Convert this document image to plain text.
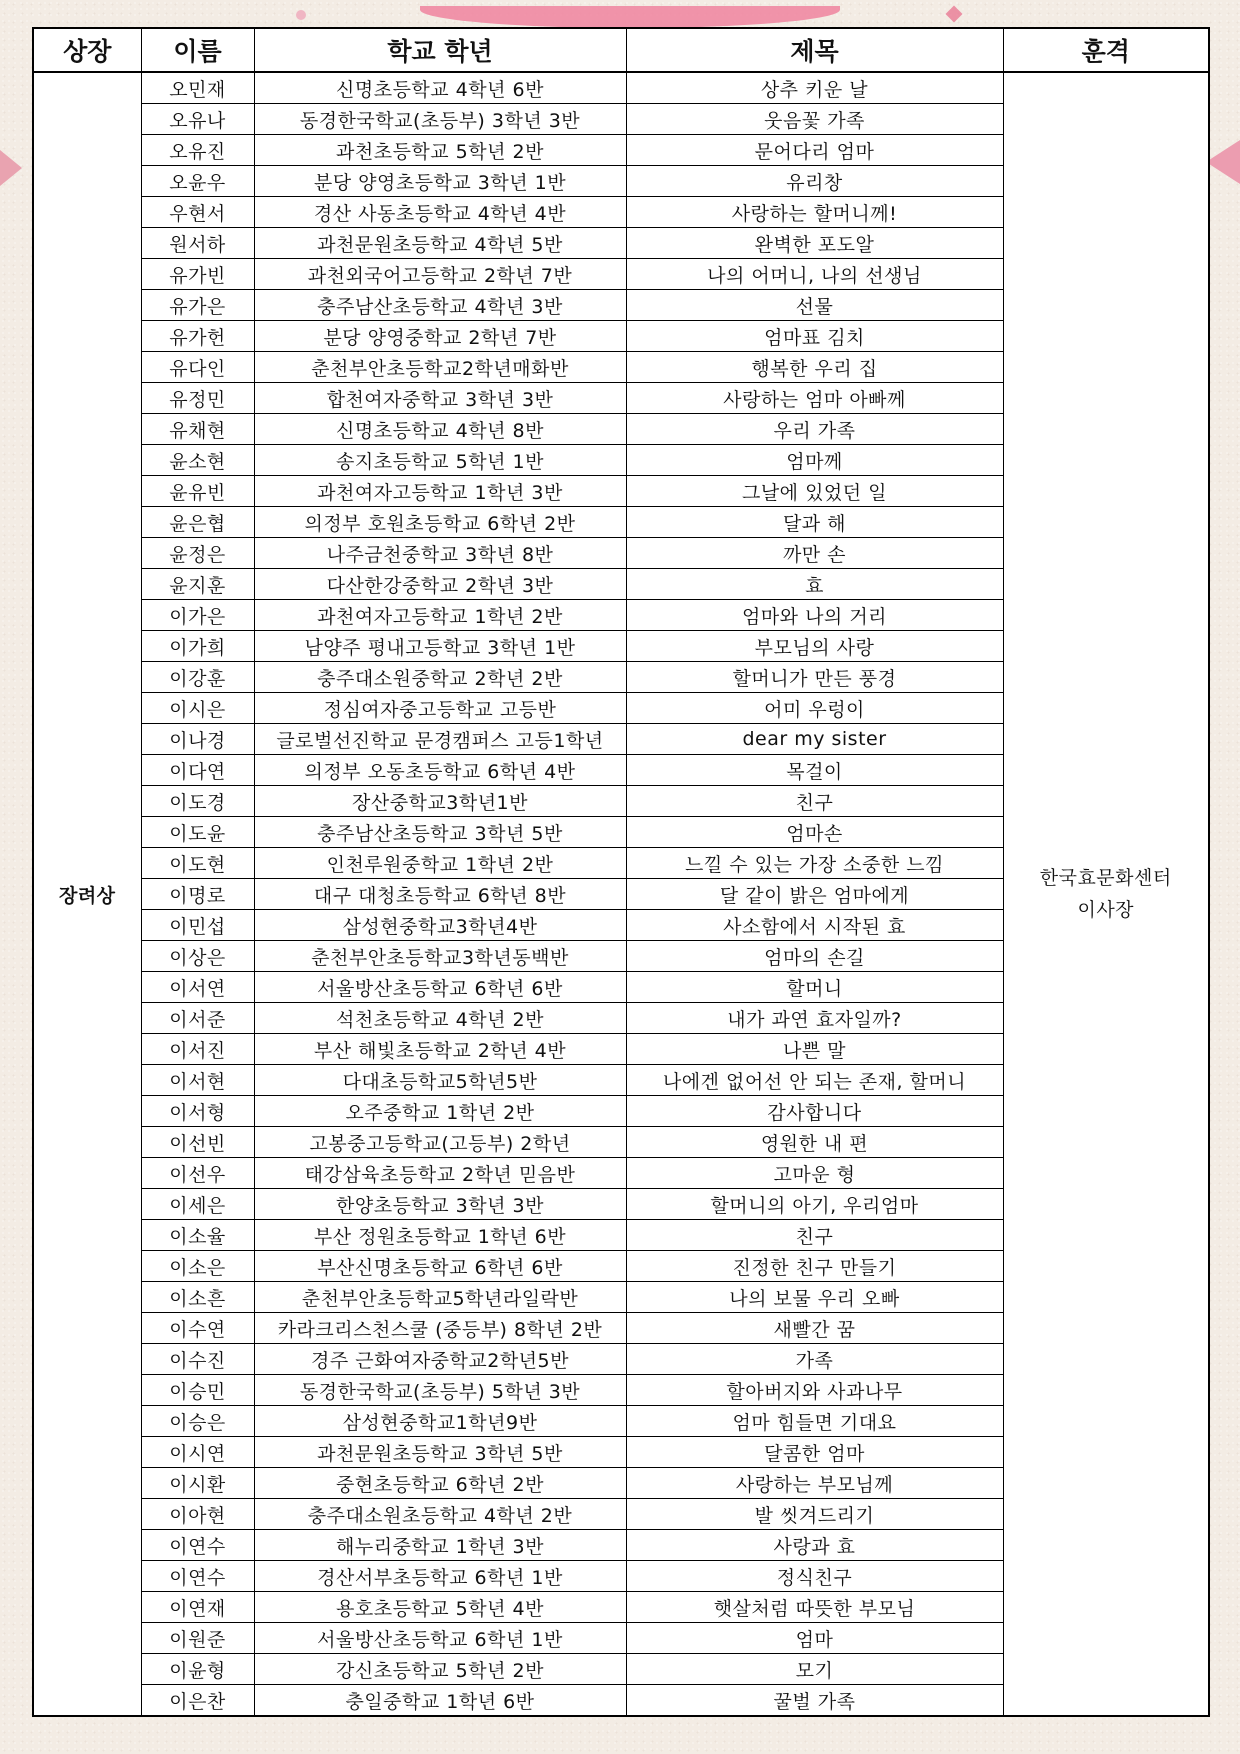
상장	이름	학교 학년	제목	훈격
장려상	오민재	신명초등학교 4학년 6반	상추 키운 날	한국효문화센터
이사장

	오유나	동경한국학교(초등부) 3학년 3반	웃음꽃 가족	
	오유진	과천초등학교 5학년 2반	문어다리 엄마	
	오윤우	분당 양영초등학교 3학년 1반	유리창	
	우현서	경산 사동초등학교 4학년 4반	사랑하는 할머니께!	
	원서하	과천문원초등학교 4학년 5반	완벽한 포도알	
	유가빈	과천외국어고등학교 2학년 7반	나의 어머니, 나의 선생님	
	유가은	충주남산초등학교 4학년 3반	선물	
	유가헌	분당 양영중학교 2학년 7반	엄마표 김치	
	유다인	춘천부안초등학교2학년매화반	행복한 우리 집	
	유정민	합천여자중학교 3학년 3반	사랑하는 엄마 아빠께	
	유채현	신명초등학교 4학년 8반	우리 가족	
	윤소현	송지초등학교 5학년 1반	엄마께	
	윤유빈	과천여자고등학교 1학년 3반	그날에 있었던 일	
	윤은협	의정부 호원초등학교 6학년 2반	달과 해	
	윤정은	나주금천중학교 3학년 8반	까만 손	
	윤지훈	다산한강중학교 2학년 3반	효	
	이가은	과천여자고등학교 1학년 2반	엄마와 나의 거리	
	이가희	남양주 평내고등학교 3학년 1반	부모님의 사랑	
	이강훈	충주대소원중학교 2학년 2반	할머니가 만든 풍경	
	이시은	정심여자중고등학교 고등반	어미 우렁이	
	이나경	글로벌선진학교 문경캠퍼스 고등1학년	dear my sister	
	이다연	의정부 오동초등학교 6학년 4반	목걸이	
	이도경	장산중학교3학년1반	친구	
	이도윤	충주남산초등학교 3학년 5반	엄마손	
	이도현	인천루원중학교 1학년 2반	느낄 수 있는 가장 소중한 느낌	
	이명로	대구 대청초등학교 6학년 8반	달 같이 밝은 엄마에게	
	이민섭	삼성현중학교3학년4반	사소함에서 시작된 효	
	이상은	춘천부안초등학교3학년동백반	엄마의 손길	
	이서연	서울방산초등학교 6학년 6반	할머니	
	이서준	석천초등학교 4학년 2반	내가 과연 효자일까?	
	이서진	부산 해빛초등학교 2학년 4반	나쁜 말	
	이서현	다대초등학교5학년5반	나에겐 없어선 안 되는 존재, 할머니	
	이서형	오주중학교 1학년 2반	감사합니다	
	이선빈	고봉중고등학교(고등부) 2학년	영원한 내 편	
	이선우	태강삼육초등학교 2학년 믿음반	고마운 형	
	이세은	한양초등학교 3학년 3반	할머니의 아기, 우리엄마	
	이소율	부산 정원초등학교 1학년 6반	친구	
	이소은	부산신명초등학교 6학년 6반	진정한 친구 만들기	
	이소흔	춘천부안초등학교5학년라일락반	나의 보물 우리 오빠	
	이수연	카라크리스천스쿨 (중등부) 8학년 2반	새빨간 꿈	
	이수진	경주 근화여자중학교2학년5반	가족	
	이승민	동경한국학교(초등부) 5학년 3반	할아버지와 사과나무	
	이승은	삼성현중학교1학년9반	엄마 힘들면 기대요	
	이시연	과천문원초등학교 3학년 5반	달콤한 엄마	
	이시환	중현초등학교 6학년 2반	사랑하는 부모님께	
	이아현	충주대소원초등학교 4학년 2반	발 씻겨드리기	
	이연수	해누리중학교 1학년 3반	사랑과 효	
	이연수	경산서부초등학교 6학년 1반	정식친구	
	이연재	용호초등학교 5학년 4반	햇살처럼 따뜻한 부모님	
	이원준	서울방산초등학교 6학년 1반	엄마	
	이윤형	강신초등학교 5학년 2반	모기	
	이은찬	충일중학교 1학년 6반	꿀벌 가족	
